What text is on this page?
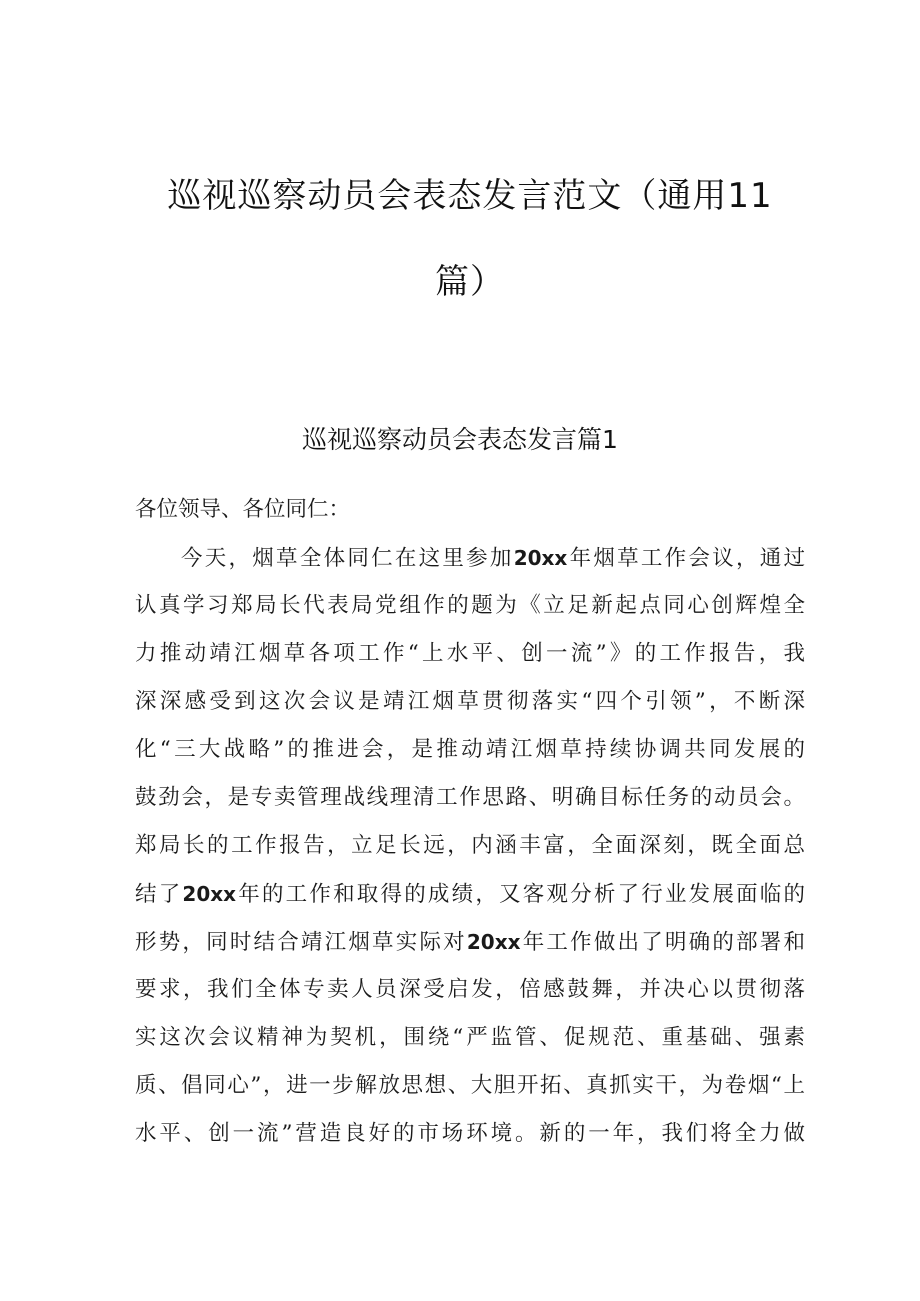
巡视巡察动员会表态发言范文（通用11
篇）
巡视巡察动员会表态发言篇1
各位领导、各位同仁：
今天，烟草全体同仁在这里参加20xx年烟草工作会议，通过
认真学习郑局长代表局党组作的题为《立足新起点同心创辉煌全
力推动靖江烟草各项工作“上水平、创一流”》的工作报告，我
深深感受到这次会议是靖江烟草贯彻落实“四个引领”，不断深
化“三大战略”的推进会，是推动靖江烟草持续协调共同发展的
鼓劲会，是专卖管理战线理清工作思路、明确目标任务的动员会。
郑局长的工作报告，立足长远，内涵丰富，全面深刻，既全面总
结了20xx年的工作和取得的成绩，又客观分析了行业发展面临的
形势，同时结合靖江烟草实际对20xx年工作做出了明确的部署和
要求，我们全体专卖人员深受启发，倍感鼓舞，并决心以贯彻落
实这次会议精神为契机，围绕“严监管、促规范、重基础、强素
质、倡同心”，进一步解放思想、大胆开拓、真抓实干，为卷烟“上
水平、创一流”营造良好的市场环境。新的一年，我们将全力做
